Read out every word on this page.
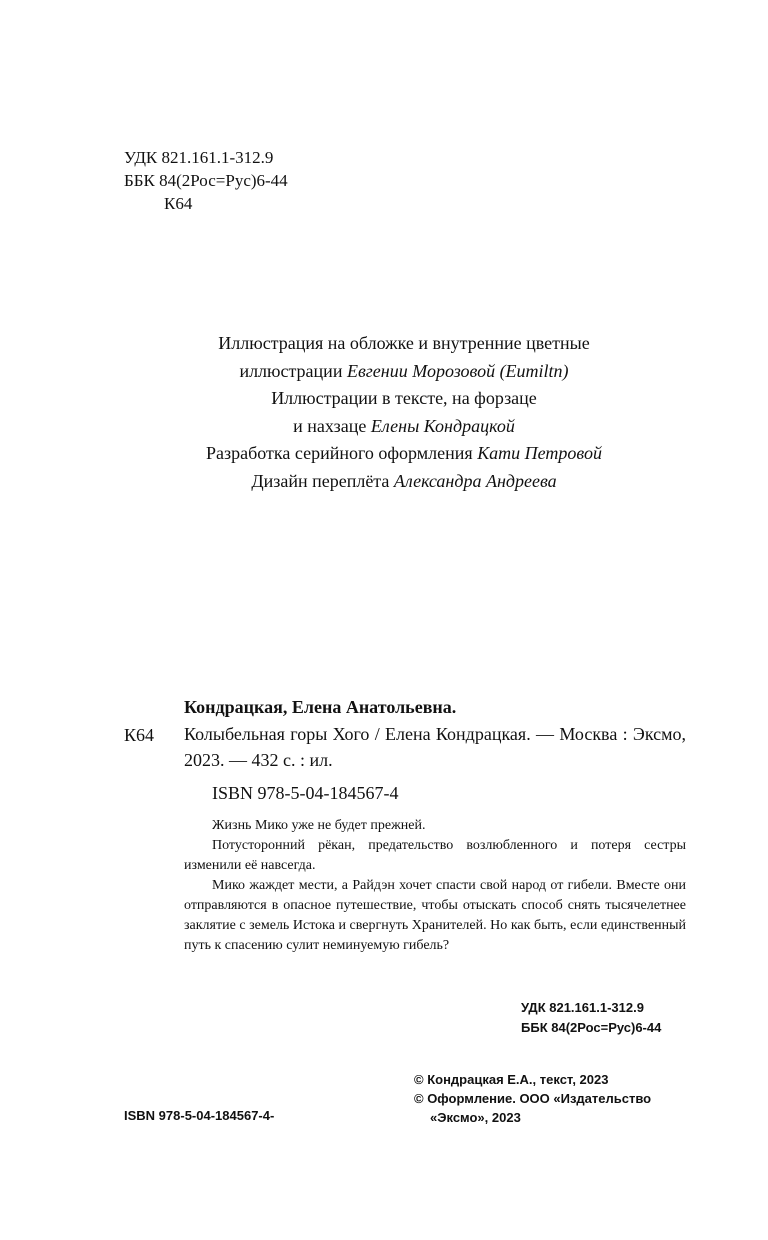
УДК 821.161.1-312.9
ББК 84(2Рос=Рус)6-44
К64
Иллюстрация на обложке и внутренние цветные
иллюстрации Евгении Морозовой (Eumiltn)
Иллюстрации в тексте, на форзаце
и нахзаце Елены Кондрацкой
Разработка серийного оформления Кати Петровой
Дизайн переплёта Александра Андреева
Кондрацкая, Елена Анатольевна.
К64 Колыбельная горы Хого / Елена Кондрацкая. — Москва : Эксмо, 2023. — 432 с. : ил.
ISBN 978-5-04-184567-4

Жизнь Мико уже не будет прежней.

Потусторонний рёкан, предательство возлюбленного и потеря сестры изменили её навсегда.

Мико жаждет мести, а Райдэн хочет спасти свой народ от гибели. Вместе они отправляются в опасное путешествие, чтобы отыскать способ снять тысячелетнее заклятие с земель Истока и свергнуть Хранителей. Но как быть, если единственный путь к спасению сулит неминуемую гибель?

УДК 821.161.1-312.9
ББК 84(2Рос=Рус)6-44
© Кондрацкая Е.А., текст, 2023
© Оформление. ООО «Издательство
«Эксмо», 2023
ISBN 978-5-04-184567-4-
